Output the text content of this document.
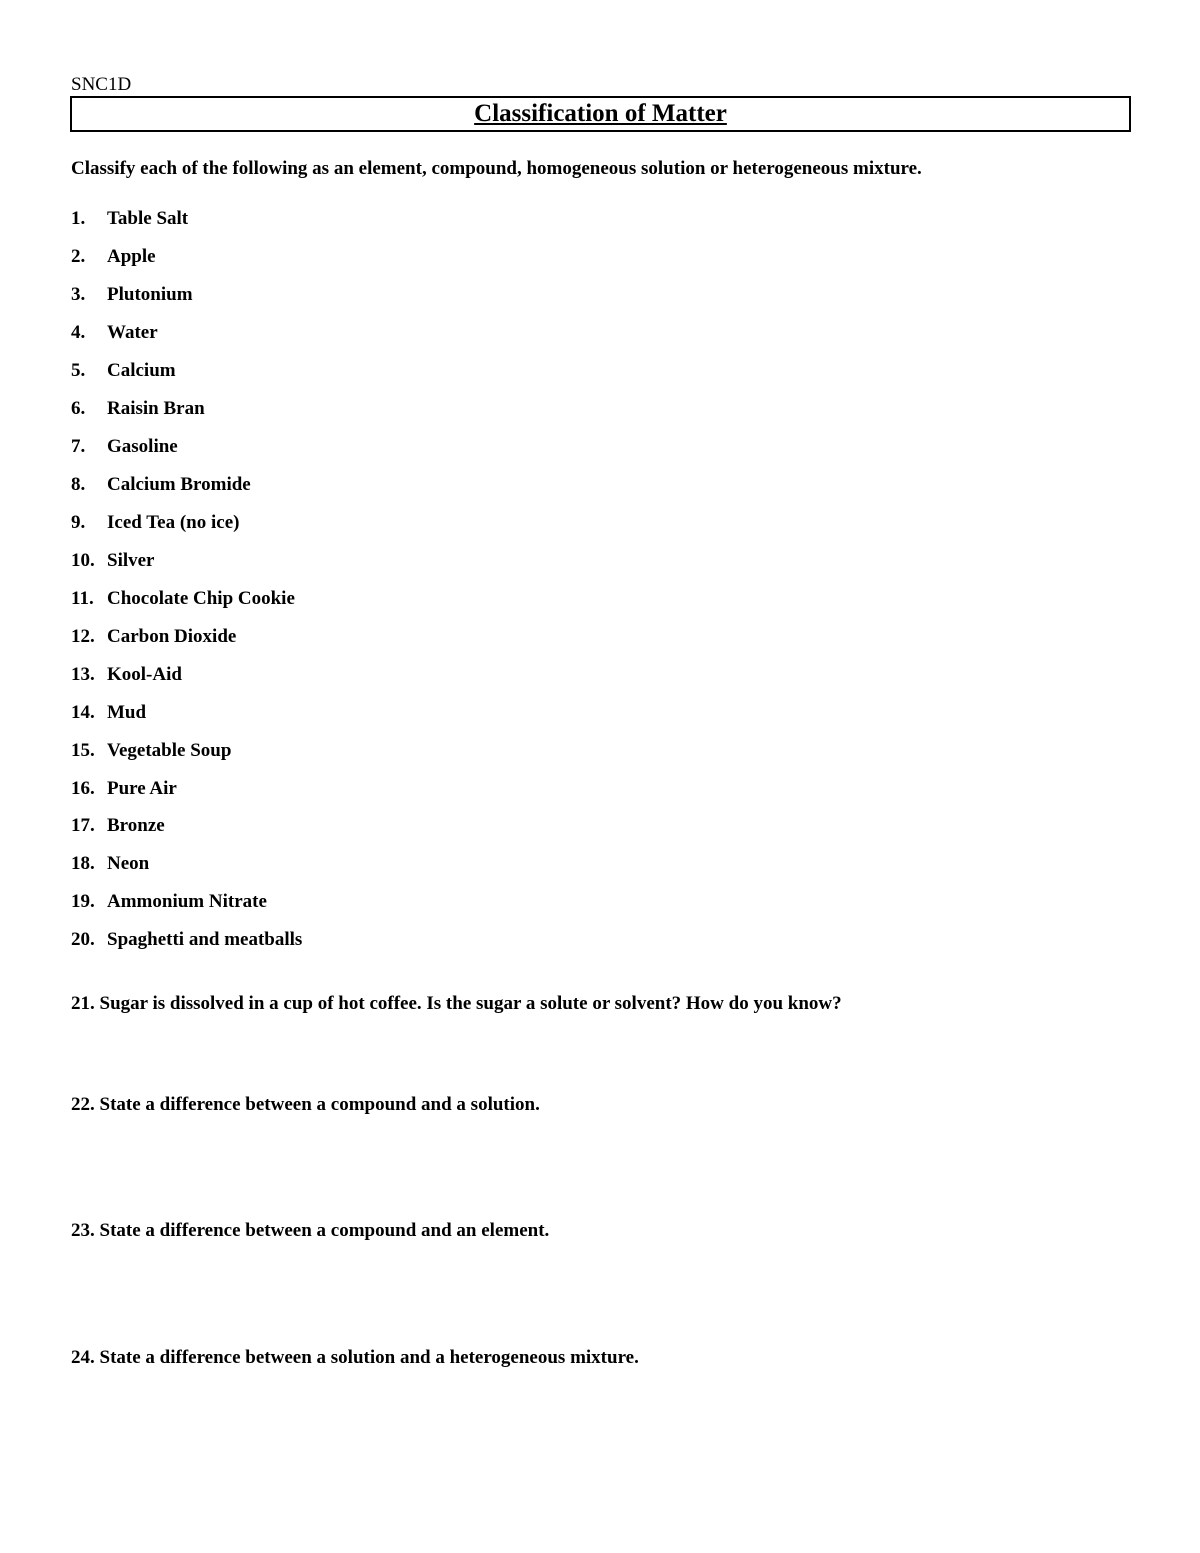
SNC1D
Classification of Matter
Classify each of the following as an element, compound, homogeneous solution or heterogeneous mixture.
1. Table Salt
2. Apple
3. Plutonium
4. Water
5. Calcium
6. Raisin Bran
7. Gasoline
8. Calcium Bromide
9. Iced Tea (no ice)
10. Silver
11. Chocolate Chip Cookie
12. Carbon Dioxide
13. Kool-Aid
14. Mud
15. Vegetable Soup
16. Pure Air
17. Bronze
18. Neon
19. Ammonium Nitrate
20. Spaghetti and meatballs
21. Sugar is dissolved in a cup of hot coffee. Is the sugar a solute or solvent? How do you know?
22. State a difference between a compound and a solution.
23. State a difference between a compound and an element.
24. State a difference between a solution and a heterogeneous mixture.
